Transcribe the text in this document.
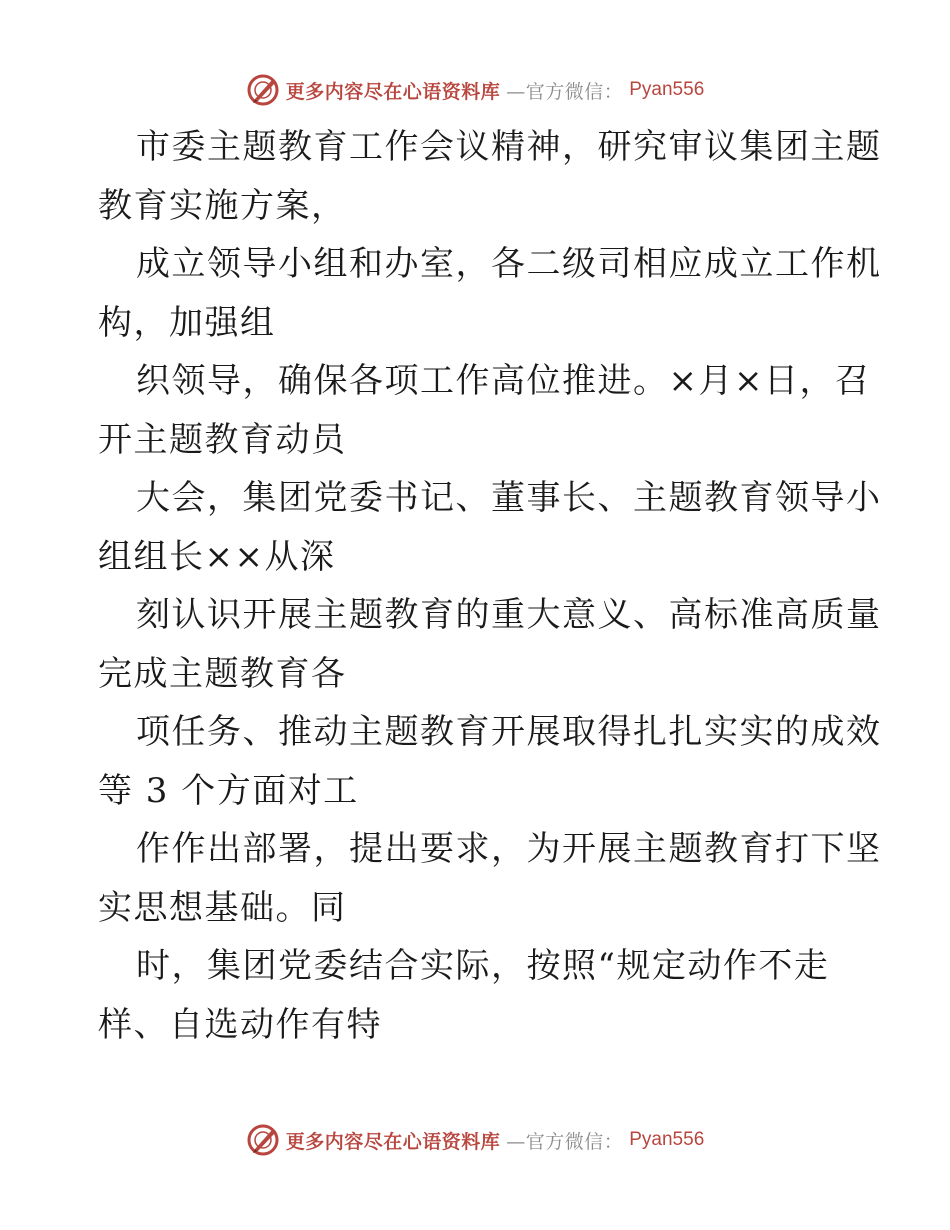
更多内容尽在心语资料库 —官方微信： Pyan556
市委主题教育工作会议精神，研究审议集团主题
教育实施方案，
成立领导小组和办室，各二级司相应成立工作机
构，加强组
织领导，确保各项工作高位推进。×月×日，召
开主题教育动员
大会，集团党委书记、董事长、主题教育领导小
组组长××从深
刻认识开展主题教育的重大意义、高标准高质量
完成主题教育各
项任务、推动主题教育开展取得扎扎实实的成效
等 3 个方面对工
作作出部署，提出要求，为开展主题教育打下坚
实思想基础。同
时，集团党委结合实际，按照“规定动作不走
样、自选动作有特
更多内容尽在心语资料库 —官方微信： Pyan556
